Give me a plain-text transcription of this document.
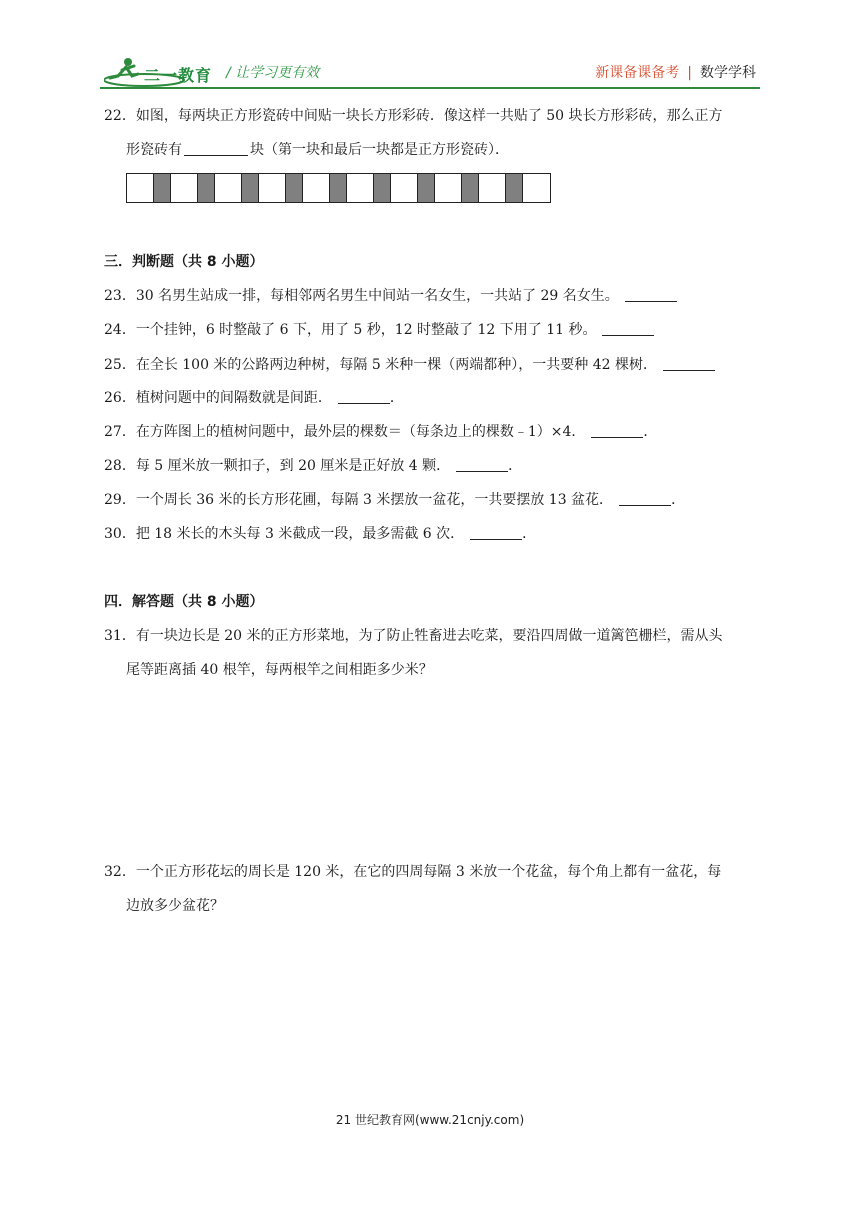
二一教育 / 让学习更有效	新课备课备考 | 数学学科
22．如图，每两块正方形瓷砖中间贴一块长方形彩砖．像这样一共贴了 50 块长方形彩砖，那么正方
形瓷砖有	块（第一块和最后一块都是正方形瓷砖）．
三．判断题（共 8 小题）
23．30 名男生站成一排，每相邻两名男生中间站一名女生，一共站了 29 名女生。
24．一个挂钟，6 时整敲了 6 下，用了 5 秒，12 时整敲了 12 下用了 11 秒。
25．在全长 100 米的公路两边种树，每隔 5 米种一棵（两端都种），一共要种 42 棵树．
26．植树问题中的间隔数就是间距．	．
27．在方阵图上的植树问题中，最外层的棵数＝（每条边上的棵数﹣1）×4．	．
28．每 5 厘米放一颗扣子，到 20 厘米是正好放 4 颗．	．
29．一个周长 36 米的长方形花圃，每隔 3 米摆放一盆花，一共要摆放 13 盆花．	．
30．把 18 米长的木头每 3 米截成一段，最多需截 6 次．	．
四．解答题（共 8 小题）
31．有一块边长是 20 米的正方形菜地，为了防止牲畜进去吃菜，要沿四周做一道篱笆栅栏，需从头
尾等距离插 40 根竿，每两根竿之间相距多少米？
32．一个正方形花坛的周长是 120 米，在它的四周每隔 3 米放一个花盆，每个角上都有一盆花，每
边放多少盆花？
21 世纪教育网(www.21cnjy.com)
